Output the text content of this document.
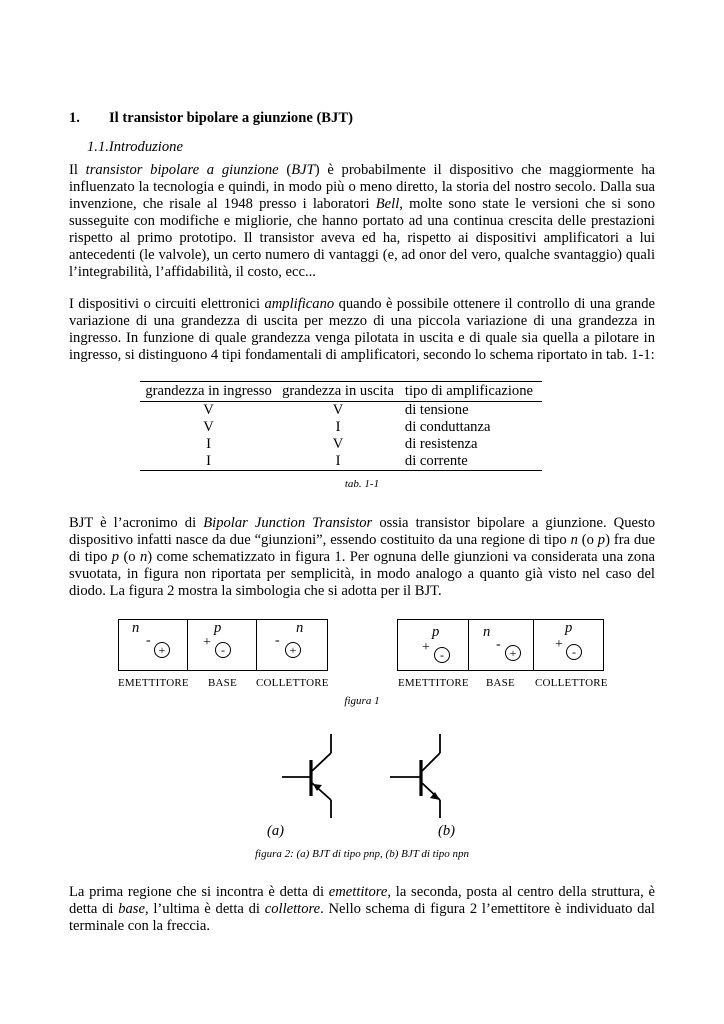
1. Il transistor bipolare a giunzione (BJT)
1.1.Introduzione
Il transistor bipolare a giunzione (BJT) è probabilmente il dispositivo che maggiormente ha influenzato la tecnologia e quindi, in modo più o meno diretto, la storia del nostro secolo. Dalla sua invenzione, che risale al 1948 presso i laboratori Bell, molte sono state le versioni che si sono susseguite con modifiche e migliorie, che hanno portato ad una continua crescita delle prestazioni rispetto al primo prototipo. Il transistor aveva ed ha, rispetto ai dispositivi amplificatori a lui antecedenti (le valvole), un certo numero di vantaggi (e, ad onor del vero, qualche svantaggio) quali l’integrabilità, l’affidabilità, il costo, ecc...
I dispositivi o circuiti elettronici amplificano quando è possibile ottenere il controllo di una grande variazione di una grandezza di uscita per mezzo di una piccola variazione di una grandezza in ingresso. In funzione di quale grandezza venga pilotata in uscita e di quale sia quella a pilotare in ingresso, si distinguono 4 tipi fondamentali di amplificatori, secondo lo schema riportato in tab. 1-1:
grandezza in ingresso	grandezza in uscita	tipo di amplificazione
V	V	di tensione
V	I	di conduttanza
I	V	di resistenza
I	I	di corrente
tab. 1-1
BJT è l’acronimo di Bipolar Junction Transistor ossia transistor bipolare a giunzione. Questo dispositivo infatti nasce da due “giunzioni”, essendo costituito da una regione di tipo n (o p) fra due di tipo p (o n) come schematizzato in figura 1. Per ognuna delle giunzioni va considerata una zona svuotata, in figura non riportata per semplicità, in modo analogo a quanto già visto nel caso del diodo. La figura 2 mostra la simbologia che si adotta per il BJT.
n	p	n
-
+	+ -
-
+
EMETTITORE BASE COLLETTORE
p	n	p
+ -
-
+
+ -
EMETTITORE BASE COLLETTORE
figura 1
(a)	(b)
figura 2: (a) BJT di tipo pnp, (b) BJT di tipo npn
La prima regione che si incontra è detta di emettitore, la seconda, posta al centro della struttura, è detta di base, l’ultima è detta di collettore. Nello schema di figura 2 l’emettitore è individuato dal terminale con la freccia.
